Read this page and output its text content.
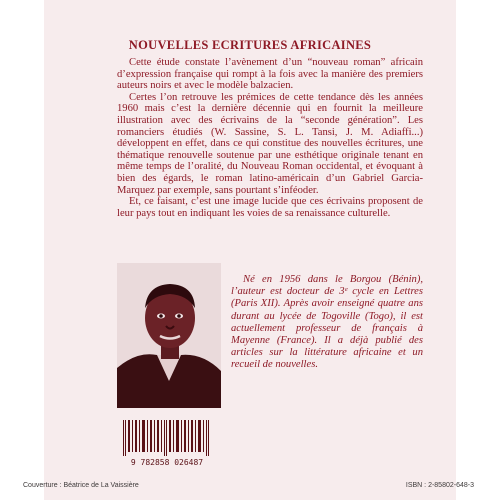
NOUVELLES ECRITURES AFRICAINES

Cette étude constate l’avènement d’un “nouveau roman” africain d’expression française qui rompt à la fois avec la manière des premiers auteurs noirs et avec le modèle balzacien.

Certes l’on retrouve les prémices de cette tendance dès les années 1960 mais c’est la dernière décennie qui en fournit la meilleure illustration avec des écrivains de la “seconde génération”. Les romanciers étudiés (W. Sassine, S. L. Tansi, J. M. Adiaffi...) développent en effet, dans ce qui constitue des nouvelles écritures, une thématique renouvelle soutenue par une esthétique originale tenant en même temps de l’oralité, du Nouveau Roman occidental, et évoquant à bien des égards, le roman latino-américain d’un Gabriel Garcia-Marquez par exemple, sans pourtant s’inféoder.

Et, ce faisant, c’est une image lucide que ces écrivains proposent de leur pays tout en indiquant les voies de sa renaissance culturelle.

Né en 1956 dans le Borgou (Bénin), l’auteur est docteur de 3ᵉ cycle en Lettres (Paris XII). Après avoir enseigné quatre ans durant au lycée de Togoville (Togo), il est actuellement professeur de français à Mayenne (France). Il a déjà publié des articles sur la littérature africaine et un recueil de nouvelles.

9 782858 026487
Couverture : Béatrice de La Vaissière	ISBN : 2-85802-648-3
